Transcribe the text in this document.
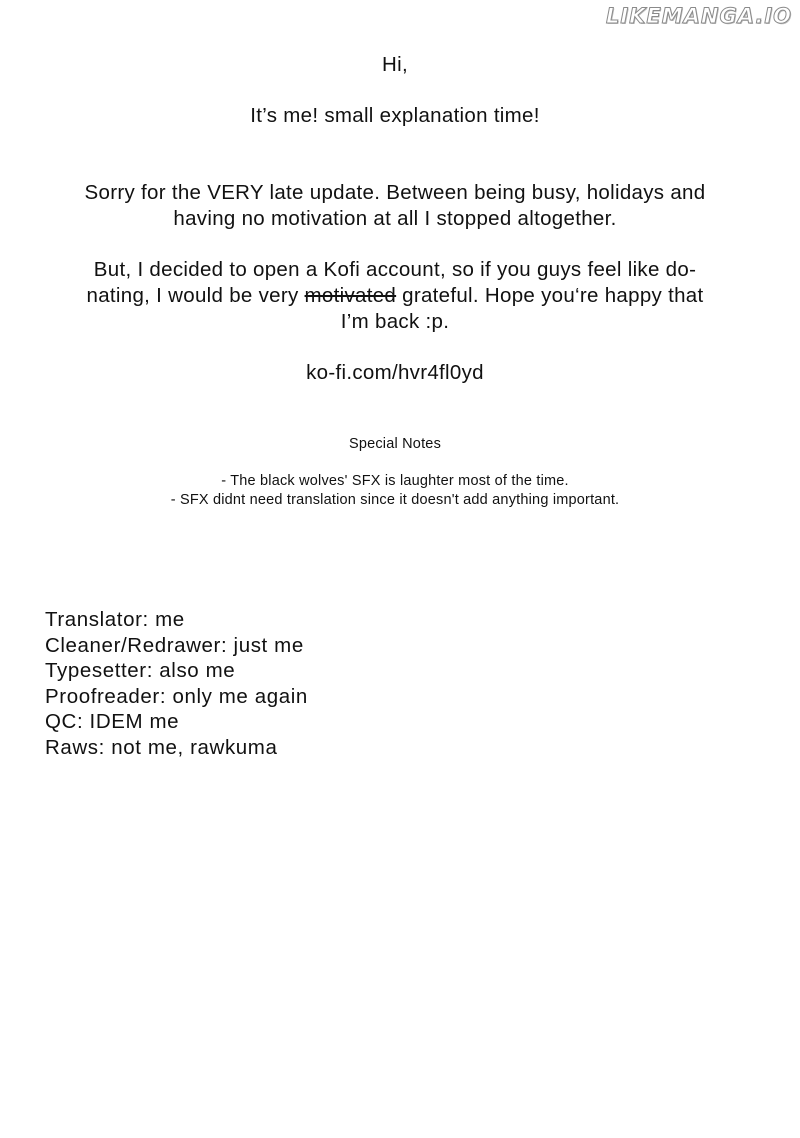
LIKEMANGA.IO
Hi,
It’s me! small explanation time!
Sorry for the VERY late update. Between being busy, holidays and
having no motivation at all I stopped altogether.
But, I decided to open a Kofi account, so if you guys feel like do-
nating, I would be very motivated grateful. Hope you‘re happy that
I’m back :p.
ko-fi.com/hvr4fl0yd
Special Notes
- The black wolves' SFX is laughter most of the time.
- SFX didnt need translation since it doesn't add anything important.
Translator: me
Cleaner/Redrawer: just me
Typesetter: also me
Proofreader: only me again
QC: IDEM me
Raws: not me, rawkuma
